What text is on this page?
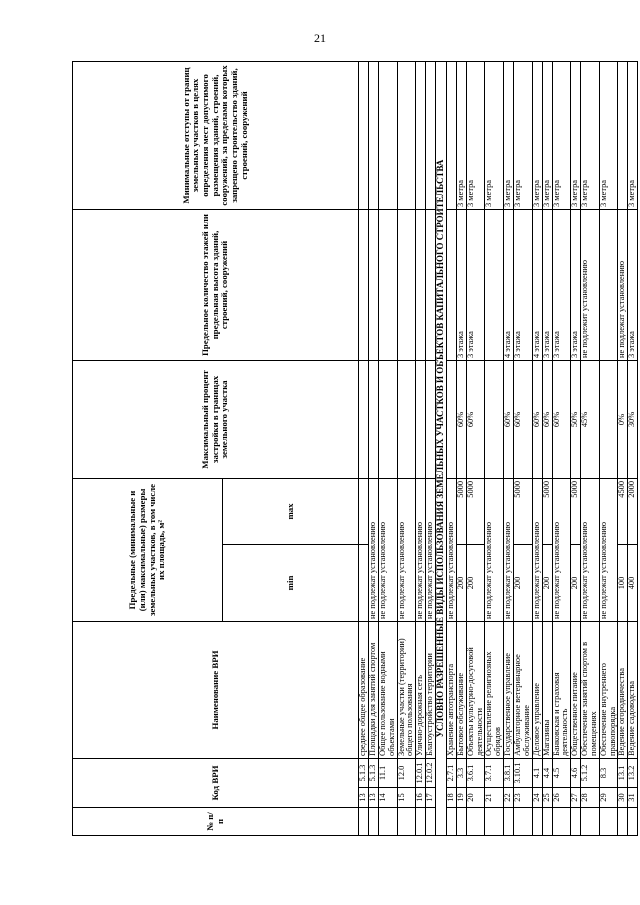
21
№ п/п	Код ВРИ		Наименование ВРИ	Предельные (минимальные и (или) максимальные) размеры земельных участков, в том числе их площадь, м²		Максимальный процент застройки в границах земельного участка	Предельное количество этажей или предельная высота зданий, строений, сооружений	Минимальные отступы от границ земельных участков в целях определения мест допустимого размещения зданий, строений, сооружений, за пределами которых запрещено строительство зданий, строений, сооружений
				min	max			
	13	5.1.3	среднее общее образование					
	13	5.1.3	Площадки для занятий спортом	не подлежат установлению				
	14	11.1	Общее пользование водными объектами	не подлежат установлению				
	15	12.0	Земельные участки (территории) общего пользования	не подлежат установлению				
	16	12.0.1	Улично-дорожная сеть	не подлежат установлению				
	17	12.0.2	Благоустройство территории	не подлежат установлению				
УСЛОВНО РАЗРЕШЕННЫЕ ВИДЫ ИСПОЛЬЗОВАНИЯ ЗЕМЕЛЬНЫХ УЧАСТКОВ И ОБЪЕКТОВ КАПИТАЛЬНОГО СТРОИТЕЛЬСТВА								
	18	2.7.1	Хранение автотранспорта	не подлежат установлению				
	19	3.3	Бытовое обслуживание	200	5000	60%	3 этажа	3 метра
	20	3.6.1	Объекты культурно-досуговой деятельности	200	5000	60%	3 этажа	3 метра
	21	3.7.1	Осуществление религиозных обрядов	не подлежат установлению				3 метра
	22	3.8.1	Государственное управление	не подлежат установлению		60%	4 этажа	3 метра
	23	3.10.1	Амбулаторное ветеринарное обслуживание	200	5000	60%	3 этажа	3 метра
	24	4.1	Деловое управление	не подлежат установлению		60%	4 этажа	3 метра
	25	4.4	Магазины	200	5000	60%	3 этажа	3 метра
	26	4.5	Банковская и страховая деятельность	не подлежат установлению		60%	3 этажа	3 метра
	27	4.6	Общественное питание	200	5000	50%	3 этажа	3 метра
	28	5.1.2	Обеспечение занятий спортом в помещениях	не подлежат установлению		45%	не подлежит установлению	3 метра
	29	8.3	Обеспечение внутреннего правопорядка	не подлежат установлению				3 метра
	30	13.1	Ведение огородничества	100	4500	0%	не подлежат установлению	
	31	13.2	Ведение садоводства	400	2000	30%	3 этажа	3 метра
